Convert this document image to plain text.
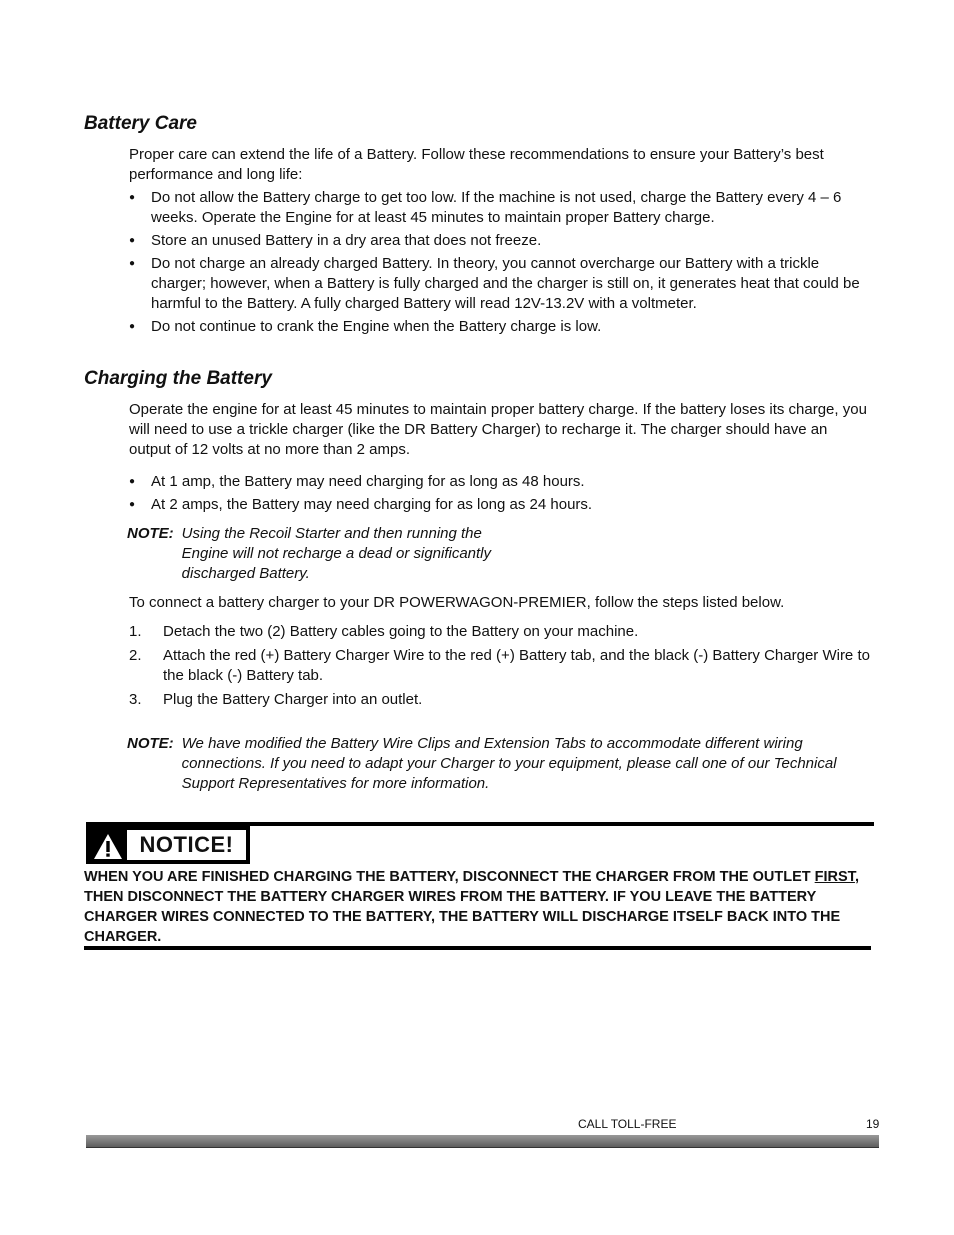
Battery Care

Proper care can extend the life of a Battery. Follow these recommendations to ensure your Battery’s best performance and long life:

● Do not allow the Battery charge to get too low. If the machine is not used, charge the Battery every 4 – 6 weeks. Operate the Engine for at least 45 minutes to maintain proper Battery charge.
● Store an unused Battery in a dry area that does not freeze.
● Do not charge an already charged Battery. In theory, you cannot overcharge our Battery with a trickle charger; however, when a Battery is fully charged and the charger is still on, it generates heat that could be harmful to the Battery. A fully charged Battery will read 12V-13.2V with a voltmeter.
● Do not continue to crank the Engine when the Battery charge is low.
Charging the Battery

Operate the engine for at least 45 minutes to maintain proper battery charge. If the battery loses its charge, you will need to use a trickle charger (like the DR Battery Charger) to recharge it. The charger should have an output of 12 volts at no more than 2 amps.

● At 1 amp, the Battery may need charging for as long as 48 hours.
● At 2 amps, the Battery may need charging for as long as 24 hours.
NOTE: Using the Recoil Starter and then running the
Engine will not recharge a dead or significantly
discharged Battery.

To connect a battery charger to your DR POWERWAGON-PREMIER, follow the steps listed below.

1. Detach the two (2) Battery cables going to the Battery on your machine.
2. Attach the red (+) Battery Charger Wire to the red (+) Battery tab, and the black (-) Battery Charger Wire to the black (-) Battery tab.
3. Plug the Battery Charger into an outlet.
NOTE: We have modified the Battery Wire Clips and Extension Tabs to accommodate different wiring connections. If you need to adapt your Charger to your equipment, please call one of our Technical Support Representatives for more information.
NOTICE!

WHEN YOU ARE FINISHED CHARGING THE BATTERY, DISCONNECT THE CHARGER FROM THE OUTLET FIRST, THEN DISCONNECT THE BATTERY CHARGER WIRES FROM THE BATTERY. IF YOU LEAVE THE BATTERY CHARGER WIRES CONNECTED TO THE BATTERY, THE BATTERY WILL DISCHARGE ITSELF BACK INTO THE CHARGER.

CALL TOLL-FREE	19
